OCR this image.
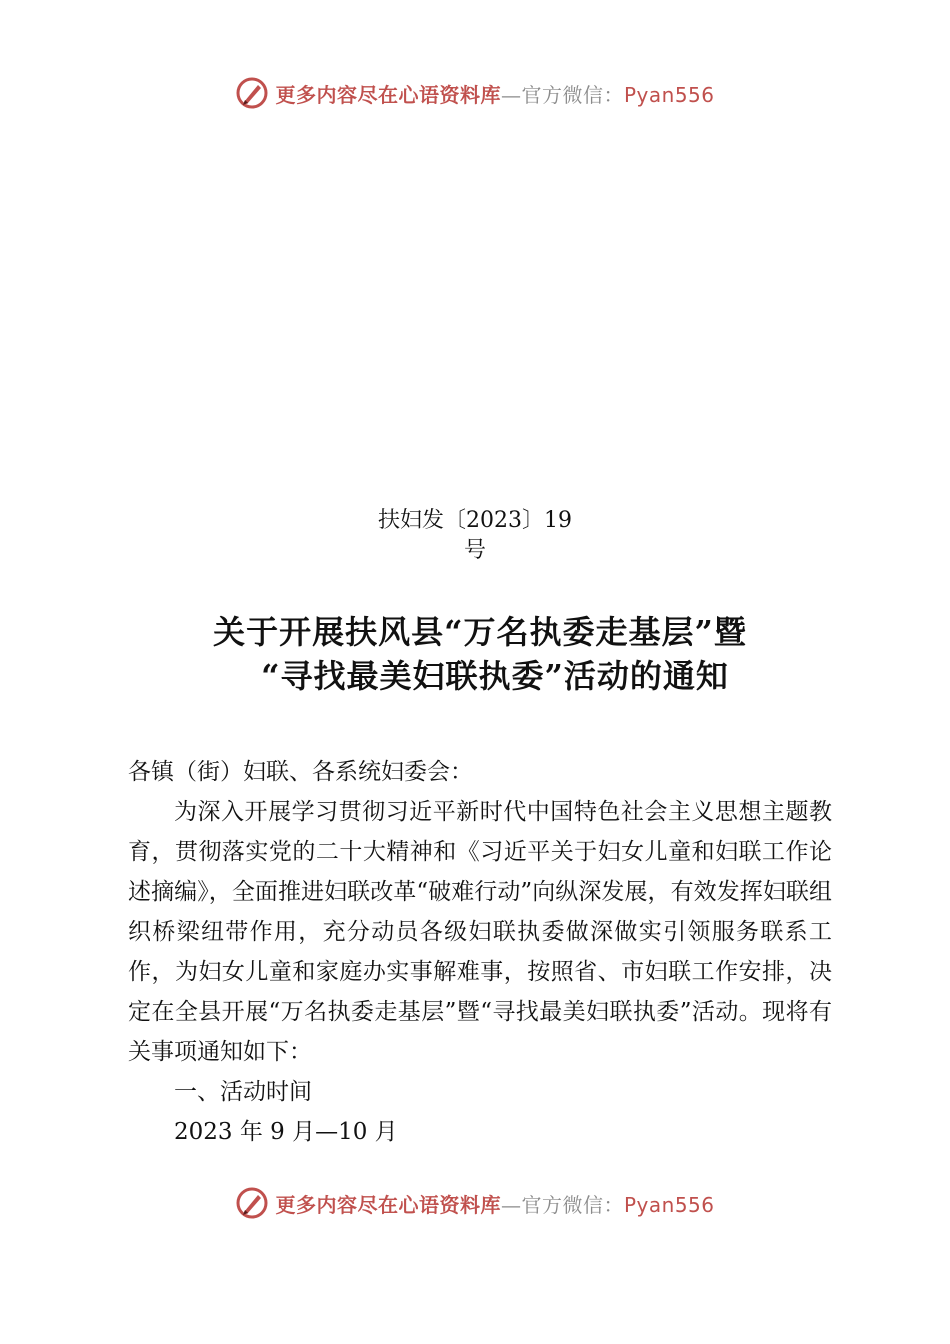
更多内容尽在心语资料库—官方微信：Pyan556
扶妇发〔2023〕19
号
关于开展扶风县“万名执委走基层”暨
“寻找最美妇联执委”活动的通知

各镇（街）妇联、各系统妇委会：

为深入开展学习贯彻习近平新时代中国特色社会主义思想主题教育，贯彻落实党的二十大精神和《习近平关于妇女儿童和妇联工作论述摘编》，全面推进妇联改革“破难行动”向纵深发展，有效发挥妇联组织桥梁纽带作用，充分动员各级妇联执委做深做实引领服务联系工作，为妇女儿童和家庭办实事解难事，按照省、市妇联工作安排，决定在全县开展“万名执委走基层”暨“寻找最美妇联执委”活动。现将有关事项通知如下：

一、活动时间

2023 年 9 月—10 月

更多内容尽在心语资料库—官方微信：Pyan556
